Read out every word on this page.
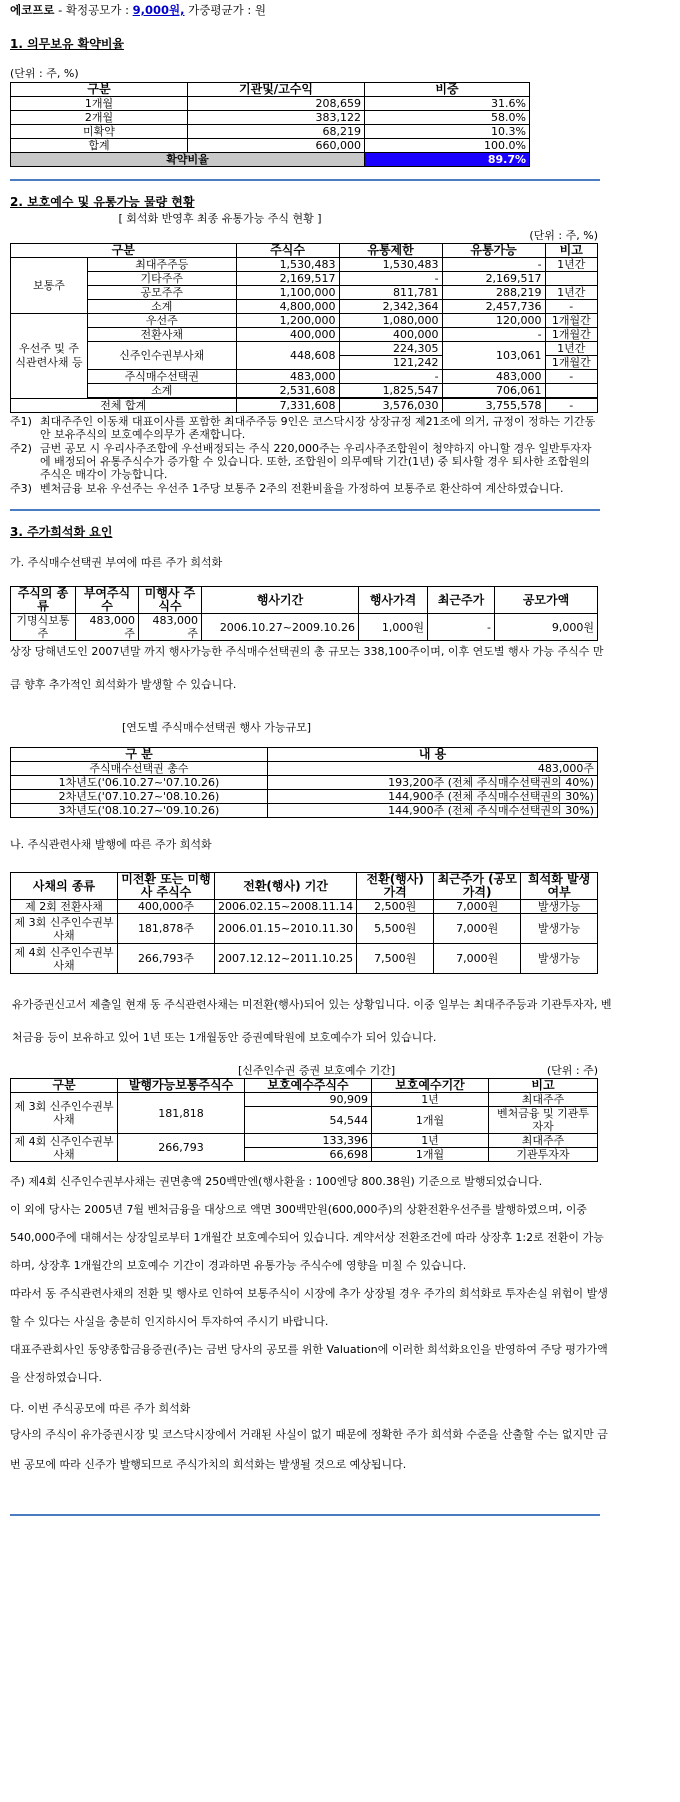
에코프로 - 확정공모가 : 9,000원, 가중평균가 : 원
1. 의무보유 확약비율
(단위 : 주, %)
구분	기관및/고수익	비중
1개월	208,659	31.6%
2개월	383,122	58.0%
미확약	68,219	10.3%
합계	660,000	100.0%
확약비율		89.7%
2. 보호예수 및 유통가능 물량 현황
[ 회석화 반영후 최종 유통가능 주식 현황 ]
(단위 : 주, %)
구분		주식수	유통제한	유통가능	비고
보통주	최대주주등	1,530,483	1,530,483	-	1년간
	기타주주	2,169,517	-	2,169,517	
	공모주주	1,100,000	811,781	288,219	1년간
	소계	4,800,000	2,342,364	2,457,736	-
우선주 및 주식관련사채 등	우선주	1,200,000	1,080,000	120,000	1개월간
	전환사채	400,000	400,000	-	1개월간
	신주인수권부사채	448,608	224,305	103,061	1년간
			121,242		1개월간
	주식매수선택권	483,000	-	483,000	-
	소계	2,531,608	1,825,547	706,061	

전체 합계		7,331,608	3,576,030	3,755,578	-
주1)	최대주주인 이동채 대표이사를 포함한 최대주주등 9인은 코스닥시장 상장규정 제21조에 의거, 규정이 정하는 기간동안 보유주식의 보호예수의무가 존재합니다.
주2)	금번 공모 시 우리사주조합에 우선배정되는 주식 220,000주는 우리사주조합원이 청약하지 아니할 경우 일반투자자에 배정되어 유통주식수가 증가할 수 있습니다. 또한, 조합원이 의무예탁 기간(1년) 중 퇴사할 경우 퇴사한 조합원의 주식은 매각이 가능합니다.
주3)	벤처금융 보유 우선주는 우선주 1주당 보통주 2주의 전환비율을 가정하여 보통주로 환산하여 계산하였습니다.
3. 주가희석화 요인
가. 주식매수선택권 부여에 따른 주가 희석화
주식의 종류	부여주식수	미행사 주식수	행사기간	행사가격	최근주가	공모가액
기명식보통주	483,000주	483,000주	2006.10.27~2009.10.26	1,000원	-	9,000원
상장 당해년도인 2007년말 까지 행사가능한 주식매수선택권의 총 규모는 338,100주이며, 이후 연도별 행사 가능 주식수 만큼 향후 추가적인 희석화가 발생할 수 있습니다.
[연도별 주식매수선택권 행사 가능규모]
구 분	내 용
주식매수선택권 총수	483,000주
1차년도('06.10.27~'07.10.26)	193,200주 (전체 주식매수선택권의 40%)
2차년도('07.10.27~'08.10.26)	144,900주 (전체 주식매수선택권의 30%)
3차년도('08.10.27~'09.10.26)	144,900주 (전체 주식매수선택권의 30%)
나. 주식관련사채 발행에 따른 주가 희석화
사채의 종류	미전환 또는 미행사 주식수	전환(행사) 기간	전환(행사) 가격	최근주가 (공모가격)	희석화 발생여부
제 2회 전환사채	400,000주	2006.02.15~2008.11.14	2,500원	7,000원	발생가능
제 3회 신주인수권부사채	181,878주	2006.01.15~2010.11.30	5,500원	7,000원	발생가능
제 4회 신주인수권부사채	266,793주	2007.12.12~2011.10.25	7,500원	7,000원	발생가능
유가증권신고서 제출일 현재 동 주식관련사채는 미전환(행사)되어 있는 상황입니다. 이중 일부는 최대주주등과 기관투자자, 벤처금융 등이 보유하고 있어 1년 또는 1개월동안 증권예탁원에 보호예수가 되어 있습니다.
[신주인수권 증권 보호예수 기간]	(단위 : 주)
구분	발행가능보통주식수	보호예수주식수	보호예수기간	비고
제 3회 신주인수권부사채	181,818	90,909	1년	최대주주
		54,544	1개월	벤처금융 및 기관투자자
제 4회 신주인수권부사채	266,793	133,396	1년	최대주주
		66,698	1개월	기관투자자
주) 제4회 신주인수권부사채는 권면총액 250백만엔(행사환율 : 100엔당 800.38원) 기준으로 발행되었습니다.
이 외에 당사는 2005년 7월 벤처금융을 대상으로 액면 300백만원(600,000주)의 상환전환우선주를 발행하였으며, 이중 540,000주에 대해서는 상장일로부터 1개월간 보호예수되어 있습니다. 계약서상 전환조건에 따라 상장후 1:2로 전환이 가능하며, 상장후 1개월간의 보호예수 기간이 경과하면 유통가능 주식수에 영향을 미칠 수 있습니다.
따라서 동 주식관련사채의 전환 및 행사로 인하여 보통주식이 시장에 추가 상장될 경우 주가의 희석화로 투자손실 위험이 발생할 수 있다는 사실을 충분히 인지하시어 투자하여 주시기 바랍니다.
대표주관회사인 동양종합금융증권(주)는 금번 당사의 공모를 위한 Valuation에 이러한 희석화요인을 반영하여 주당 평가가액을 산정하였습니다.
다. 이번 주식공모에 따른 주가 희석화
당사의 주식이 유가증권시장 및 코스닥시장에서 거래된 사실이 없기 때문에 정확한 주가 희석화 수준을 산출할 수는 없지만 금번 공모에 따라 신주가 발행되므로 주식가치의 희석화는 발생될 것으로 예상됩니다.
